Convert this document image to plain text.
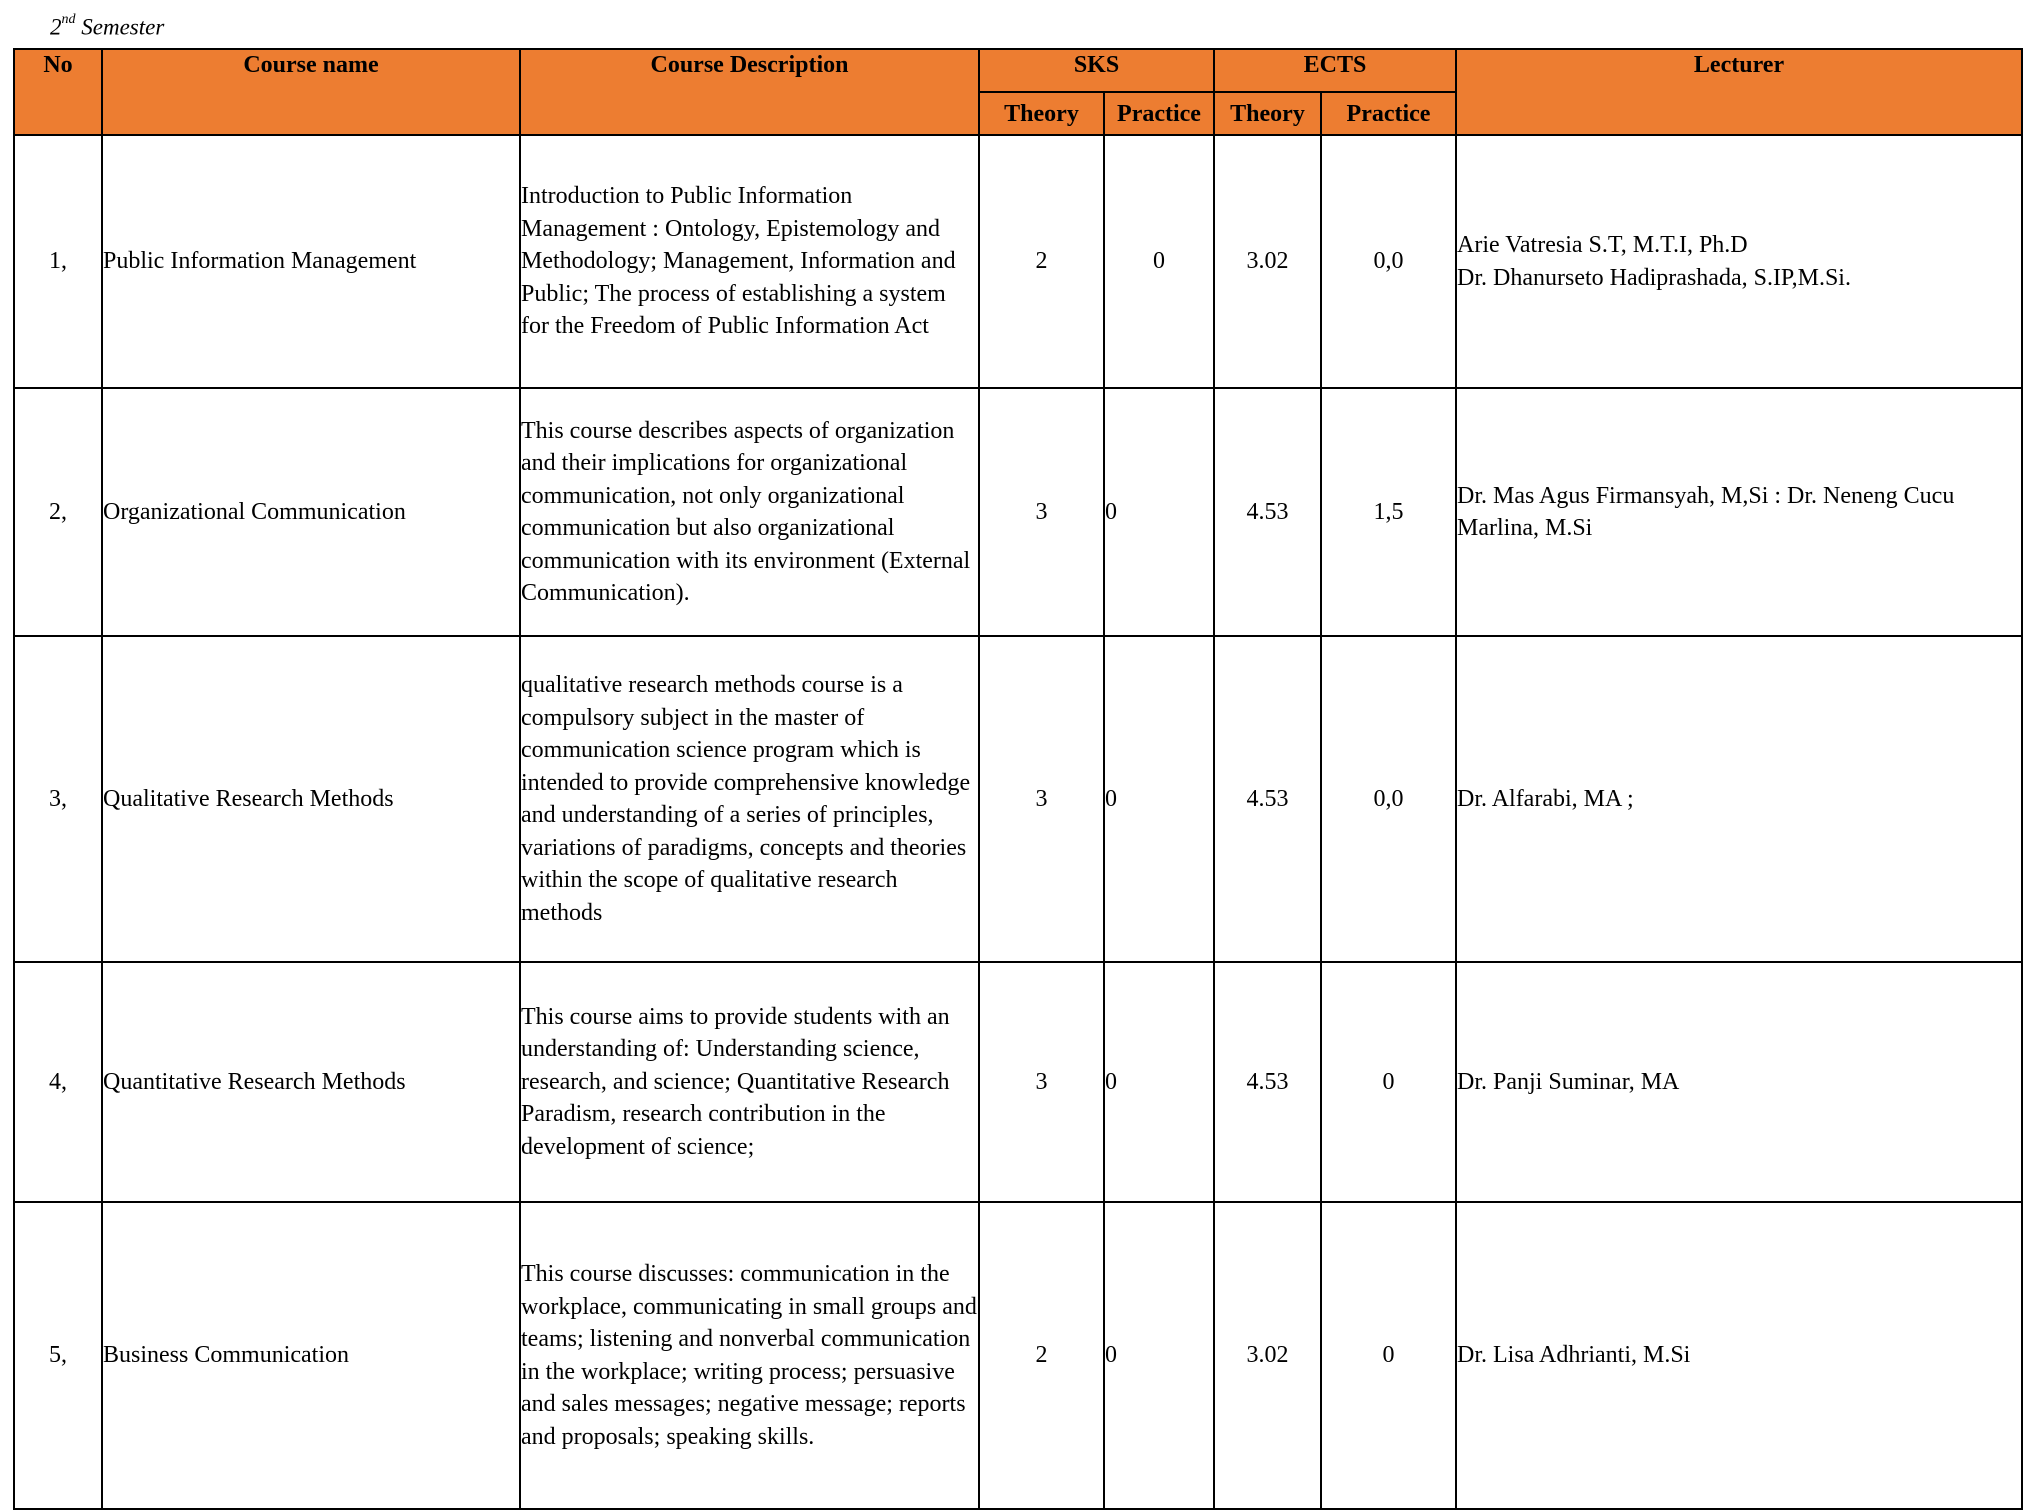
2nd Semester
No	Course name	Course Description	SKS		ECTS		Lecturer
			Theory	Practice	Theory	Practice	
1,	Public Information Management	Introduction to Public Information Management : Ontology, Epistemology and Methodology; Management, Information and Public; The process of establishing a system for the Freedom of Public Information Act	2	0	3.02	0,0	Arie Vatresia S.T, M.T.I, Ph.D
Dr. Dhanurseto Hadiprashada, S.IP,M.Si.

2,	Organizational Communication	This course describes aspects of organization and their implications for organizational communication, not only organizational communication but also organizational communication with its environment (External Communication).	3	0	4.53	1,5	Dr. Mas Agus Firmansyah, M,Si : Dr. Neneng Cucu Marlina, M.Si
3,	Qualitative Research Methods	qualitative research methods course is a compulsory subject in the master of communication science program which is intended to provide comprehensive knowledge and understanding of a series of principles, variations of paradigms, concepts and theories within the scope of qualitative research methods	3	0	4.53	0,0	Dr. Alfarabi, MA ;
4,	Quantitative Research Methods	This course aims to provide students with an understanding of: Understanding science, research, and science; Quantitative Research Paradism, research contribution in the development of science;	3	0	4.53	0	Dr. Panji Suminar, MA
5,	Business Communication	This course discusses: communication in the workplace, communicating in small groups and teams; listening and nonverbal communication in the workplace; writing process; persuasive and sales messages; negative message; reports and proposals; speaking skills.	2	0	3.02	0	Dr. Lisa Adhrianti, M.Si
